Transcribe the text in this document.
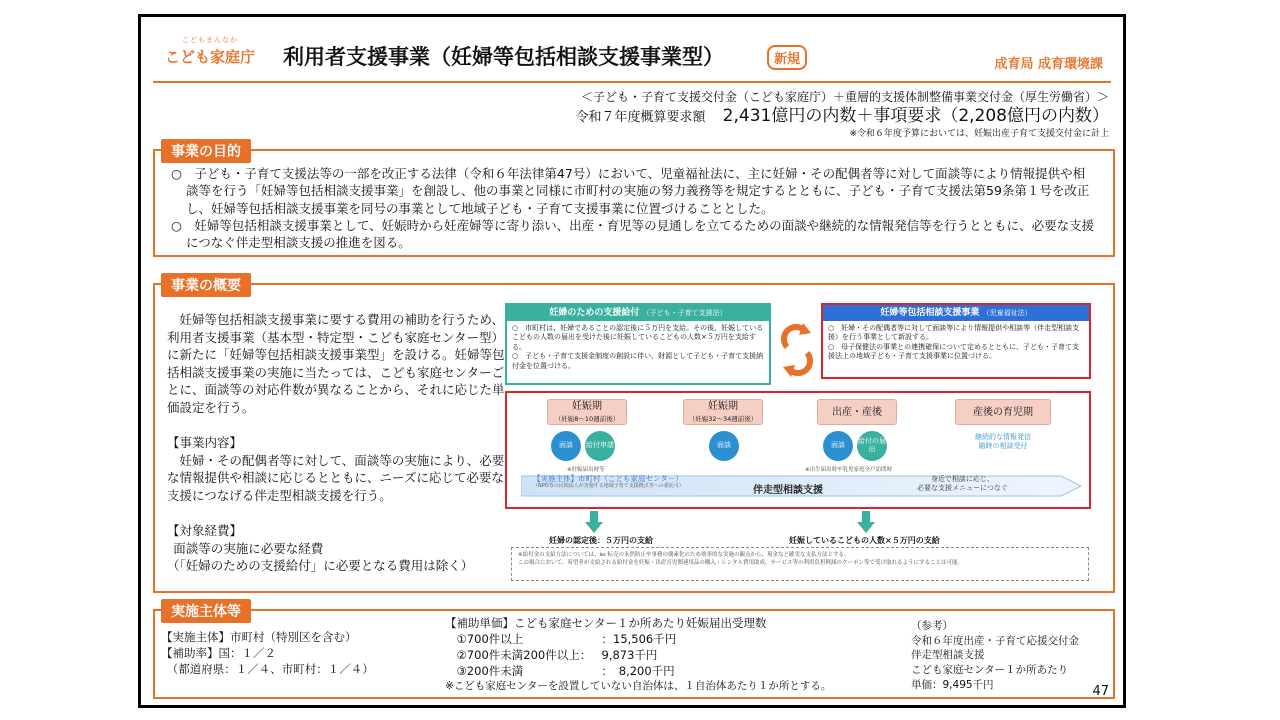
こどもまんなか
こども家庭庁	利用者支援事業（妊婦等包括相談支援事業型）	新規	成育局 成育環境課
＜子ども・子育て支援交付金（こども家庭庁）＋重層的支援体制整備事業交付金（厚生労働省）＞
令和７年度概算要求額　 2,431億円の内数＋事項要求（2,208億円の内数）
※令和６年度予算においては、妊娠出産子育て支援交付金に計上

○　子ども・子育て支援法等の一部を改正する法律（令和６年法律第47号）において、児童福祉法に、主に妊婦・その配偶者等に対して面談等により情報提供や相談等を行う「妊婦等包括相談支援事業」を創設し、他の事業と同様に市町村の実施の努力義務等を規定するとともに、子ども・子育て支援法第59条第１号を改正し、妊婦等包括相談支援事業を同号の事業として地域子ども・子育て支援事業に位置づけることとした。

○　妊婦等包括相談支援事業として、妊娠時から妊産婦等に寄り添い、出産・育児等の見通しを立てるための面談や継続的な情報発信等を行うとともに、必要な支援につなぐ伴走型相談支援の推進を図る。

事業の目的

妊婦等包括相談支援事業に要する費用の補助を行うため、利用者支援事業（基本型・特定型・こども家庭センター型）に新たに「妊婦等包括相談支援事業型」を設ける。妊婦等包括相談支援事業の実施に当たっては、こども家庭センターごとに、面談等の対応件数が異なることから、それに応じた単価設定を行う。

【事業内容】

妊婦・その配偶者等に対して、面談等の実施により、必要な情報提供や相談に応じるとともに、ニーズに応じて必要な支援につなげる伴走型相談支援を行う。

【対象経費】

面談等の実施に必要な経費

（「妊婦のための支援給付」に必要となる費用は除く）

妊婦のための支援給付 （子ども・子育て支援法）

○　市町村は、妊婦であることの認定後に５万円を支給。その後、妊娠しているこどもの人数の届出を受けた後に妊娠しているこどもの人数×５万円を支給する。

○　子ども・子育て支援金制度の創設に伴い、財源として子ども・子育て支援納付金を位置づける。

妊婦等包括相談支援事業 （児童福祉法）

○　妊婦・その配偶者等に対して面談等により情報提供や相談等（伴走型相談支援）を行う事業として新設する。

○　母子保健法の事業との連携確保について定めるとともに、子ども・子育て支援法上の地域子ども・子育て支援事業に位置づける。

妊娠期
（妊娠8～10週前後）
妊娠期
（妊娠32～34週前後）
出産・産後	産後の育児期
面談	給付申請	面談	面談	給付の届出
継続的な情報発信
随時の相談受付
※妊娠届出時等	※出生届出時や乳児家庭全戸訪問時
【実施主体】市町村（こども家庭センター）
（NPO等の民間法人が実施する地域子育て支援拠点等への委託可）	伴走型相談支援
身近で相談に応じ、
必要な支援メニューにつなぐ
妊婦の認定後：５万円の支給	妊娠しているこどもの人数×５万円の支給
※給付金の支給方法については、às 転売の未然防止や事務の簡素化のため効率的な実施の観点から、現金など確実な支払方法とする。
この場合において、希望者が支給される給付金を妊娠・出産育児関連用品の購入・レンタル費用助成、サービス等の利用負担軽減のクーポン等で受け取れるようにすることは可能。
事業の概要
【実施主体】市町村（特別区を含む）
【補助率】国：１／２
　（都道府県：１／４、市町村：１／４）
【補助単価】こども家庭センター１か所あたり妊娠届出受理数
　①700件以上	：15,506千円
　②700件未満200件以上： 9,873千円
　③200件未満	：　8,200千円
※こども家庭センターを設置していない自治体は、１自治体あたり１か所とする。
（参考）
令和６年度出産・子育て応援交付金
伴走型相談支援
こども家庭センター１か所あたり
単価：9,495千円
実施主体等
47
